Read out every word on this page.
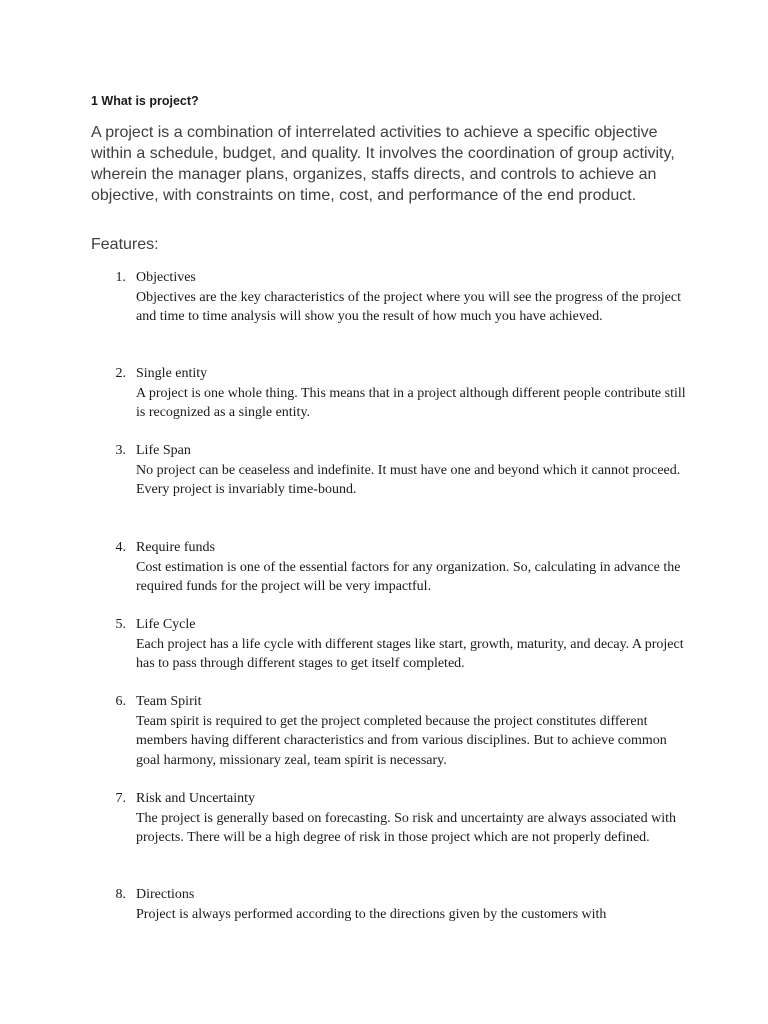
1 What is project?
A project is a combination of interrelated activities to achieve a specific objective within a schedule, budget, and quality. It involves the coordination of group activity, wherein the manager plans, organizes, staffs directs, and controls to achieve an objective, with constraints on time, cost, and performance of the end product.
Features:
1. Objectives
Objectives are the key characteristics of the project where you will see the progress of the project and time to time analysis will show you the result of how much you have achieved.
2. Single entity
A project is one whole thing. This means that in a project although different people contribute still is recognized as a single entity.
3. Life Span
No project can be ceaseless and indefinite. It must have one and beyond which it cannot proceed. Every project is invariably time-bound.
4. Require funds
Cost estimation is one of the essential factors for any organization. So, calculating in advance the required funds for the project will be very impactful.
5. Life Cycle
Each project has a life cycle with different stages like start, growth, maturity, and decay. A project has to pass through different stages to get itself completed.
6. Team Spirit
Team spirit is required to get the project completed because the project constitutes different members having different characteristics and from various disciplines. But to achieve common goal harmony, missionary zeal, team spirit is necessary.
7. Risk and Uncertainty
The project is generally based on forecasting. So risk and uncertainty are always associated with projects. There will be a high degree of risk in those project which are not properly defined.
8. Directions
Project is always performed according to the directions given by the customers with
